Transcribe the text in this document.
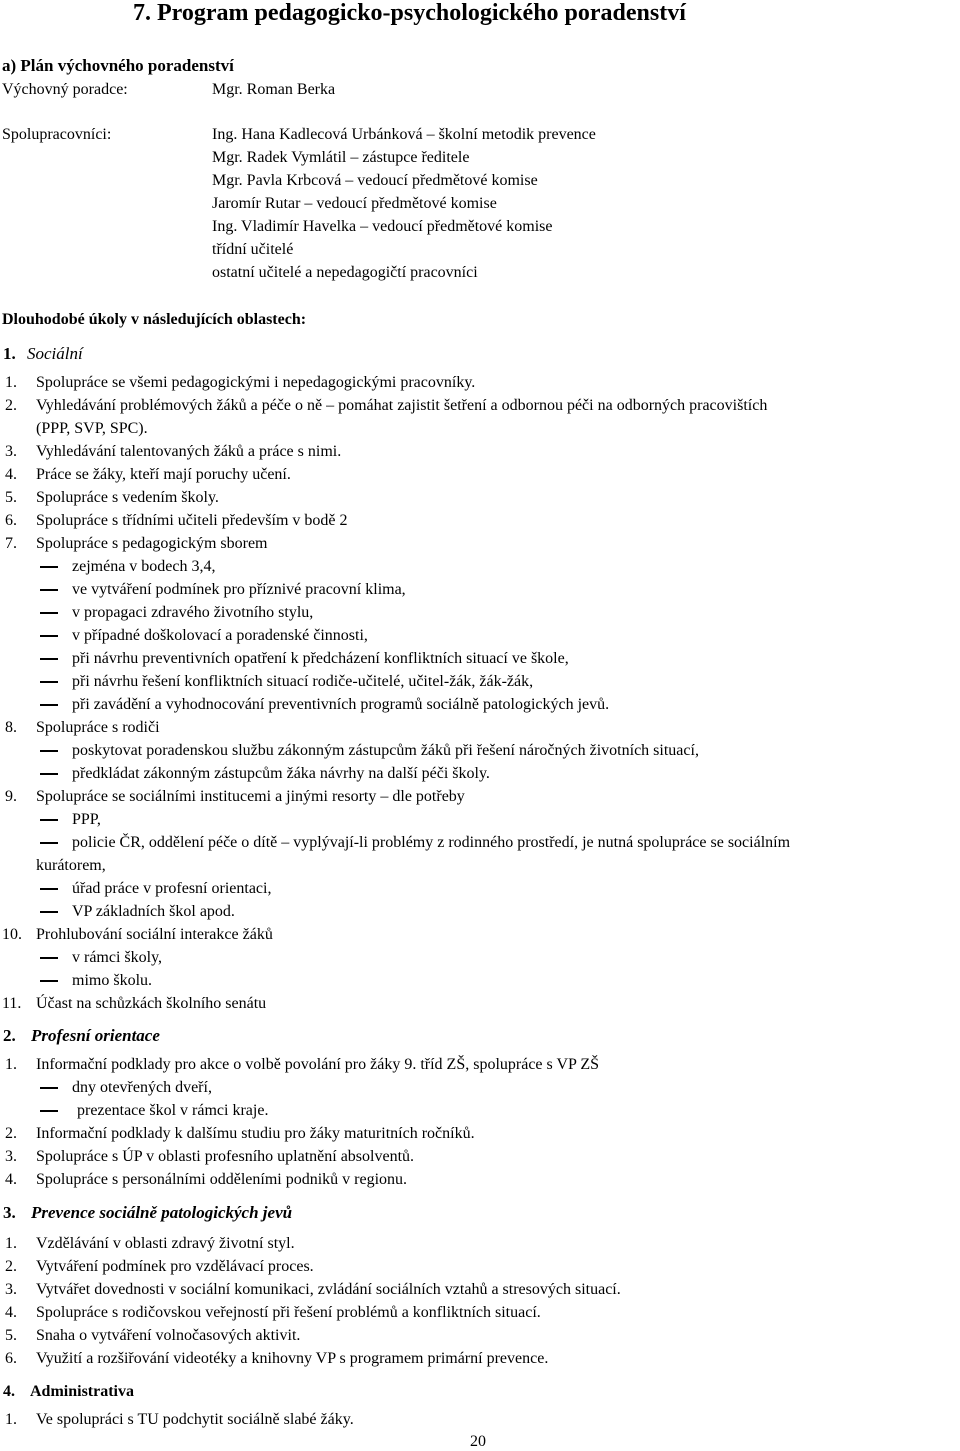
7. Program pedagogicko-psychologického poradenství
a) Plán výchovného poradenství
Výchovný poradce:	Mgr. Roman Berka
Spolupracovníci:	Ing. Hana Kadlecová Urbánková – školní metodik prevence
Mgr. Radek Vymlátil – zástupce ředitele
Mgr. Pavla Krbcová – vedoucí předmětové komise
Jaromír Rutar – vedoucí předmětové komise
Ing. Vladimír Havelka – vedoucí předmětové komise
třídní učitelé
ostatní učitelé a nepedagogičtí pracovníci
Dlouhodobé úkoly v následujících oblastech:
1. Sociální
1. Spolupráce se všemi pedagogickými i nepedagogickými pracovníky.
2. Vyhledávání problémových žáků a péče o ně – pomáhat zajistit šetření a odbornou péči na odborných pracovištích
(PPP, SVP, SPC).
3. Vyhledávání talentovaných žáků a práce s nimi.
4. Práce se žáky, kteří mají poruchy učení.
5. Spolupráce s vedením školy.
6. Spolupráce s třídními učiteli především v bodě 2
7. Spolupráce s pedagogickým sborem
zejména v bodech 3,4,
ve vytváření podmínek pro příznivé pracovní klima,
v propagaci zdravého životního stylu,
v případné doškolovací a poradenské činnosti,
při návrhu preventivních opatření k předcházení konfliktních situací ve škole,
při návrhu řešení konfliktních situací rodiče-učitelé, učitel-žák, žák-žák,
při zavádění a vyhodnocování preventivních programů sociálně patologických jevů.
8. Spolupráce s rodiči
poskytovat poradenskou službu zákonným zástupcům žáků při řešení náročných životních situací,
předkládat zákonným zástupcům žáka návrhy na další péči školy.
9. Spolupráce se sociálními institucemi a jinými resorty – dle potřeby
PPP,
policie ČR, oddělení péče o dítě – vyplývají-li problémy z rodinného prostředí, je nutná spolupráce se sociálním
kurátorem,
úřad práce v profesní orientaci,
VP základních škol apod.
10. Prohlubování sociální interakce žáků
v rámci školy,
mimo školu.
11. Účast na schůzkách školního senátu
2. Profesní orientace
1. Informační podklady pro akce o volbě povolání pro žáky 9. tříd ZŠ, spolupráce s VP ZŠ
dny otevřených dveří,
prezentace škol v rámci kraje.
2. Informační podklady k dalšímu studiu pro žáky maturitních ročníků.
3. Spolupráce s ÚP v oblasti profesního uplatnění absolventů.
4. Spolupráce s personálními odděleními podniků v regionu.
3. Prevence sociálně patologických jevů
1. Vzdělávání v oblasti zdravý životní styl.
2. Vytváření podmínek pro vzdělávací proces.
3. Vytvářet dovednosti v sociální komunikaci, zvládání sociálních vztahů a stresových situací.
4. Spolupráce s rodičovskou veřejností při řešení problémů a konfliktních situací.
5. Snaha o vytváření volnočasových aktivit.
6. Využití a rozšiřování videotéky a knihovny VP s programem primární prevence.
4. Administrativa
1. Ve spolupráci s TU podchytit sociálně slabé žáky.
20
